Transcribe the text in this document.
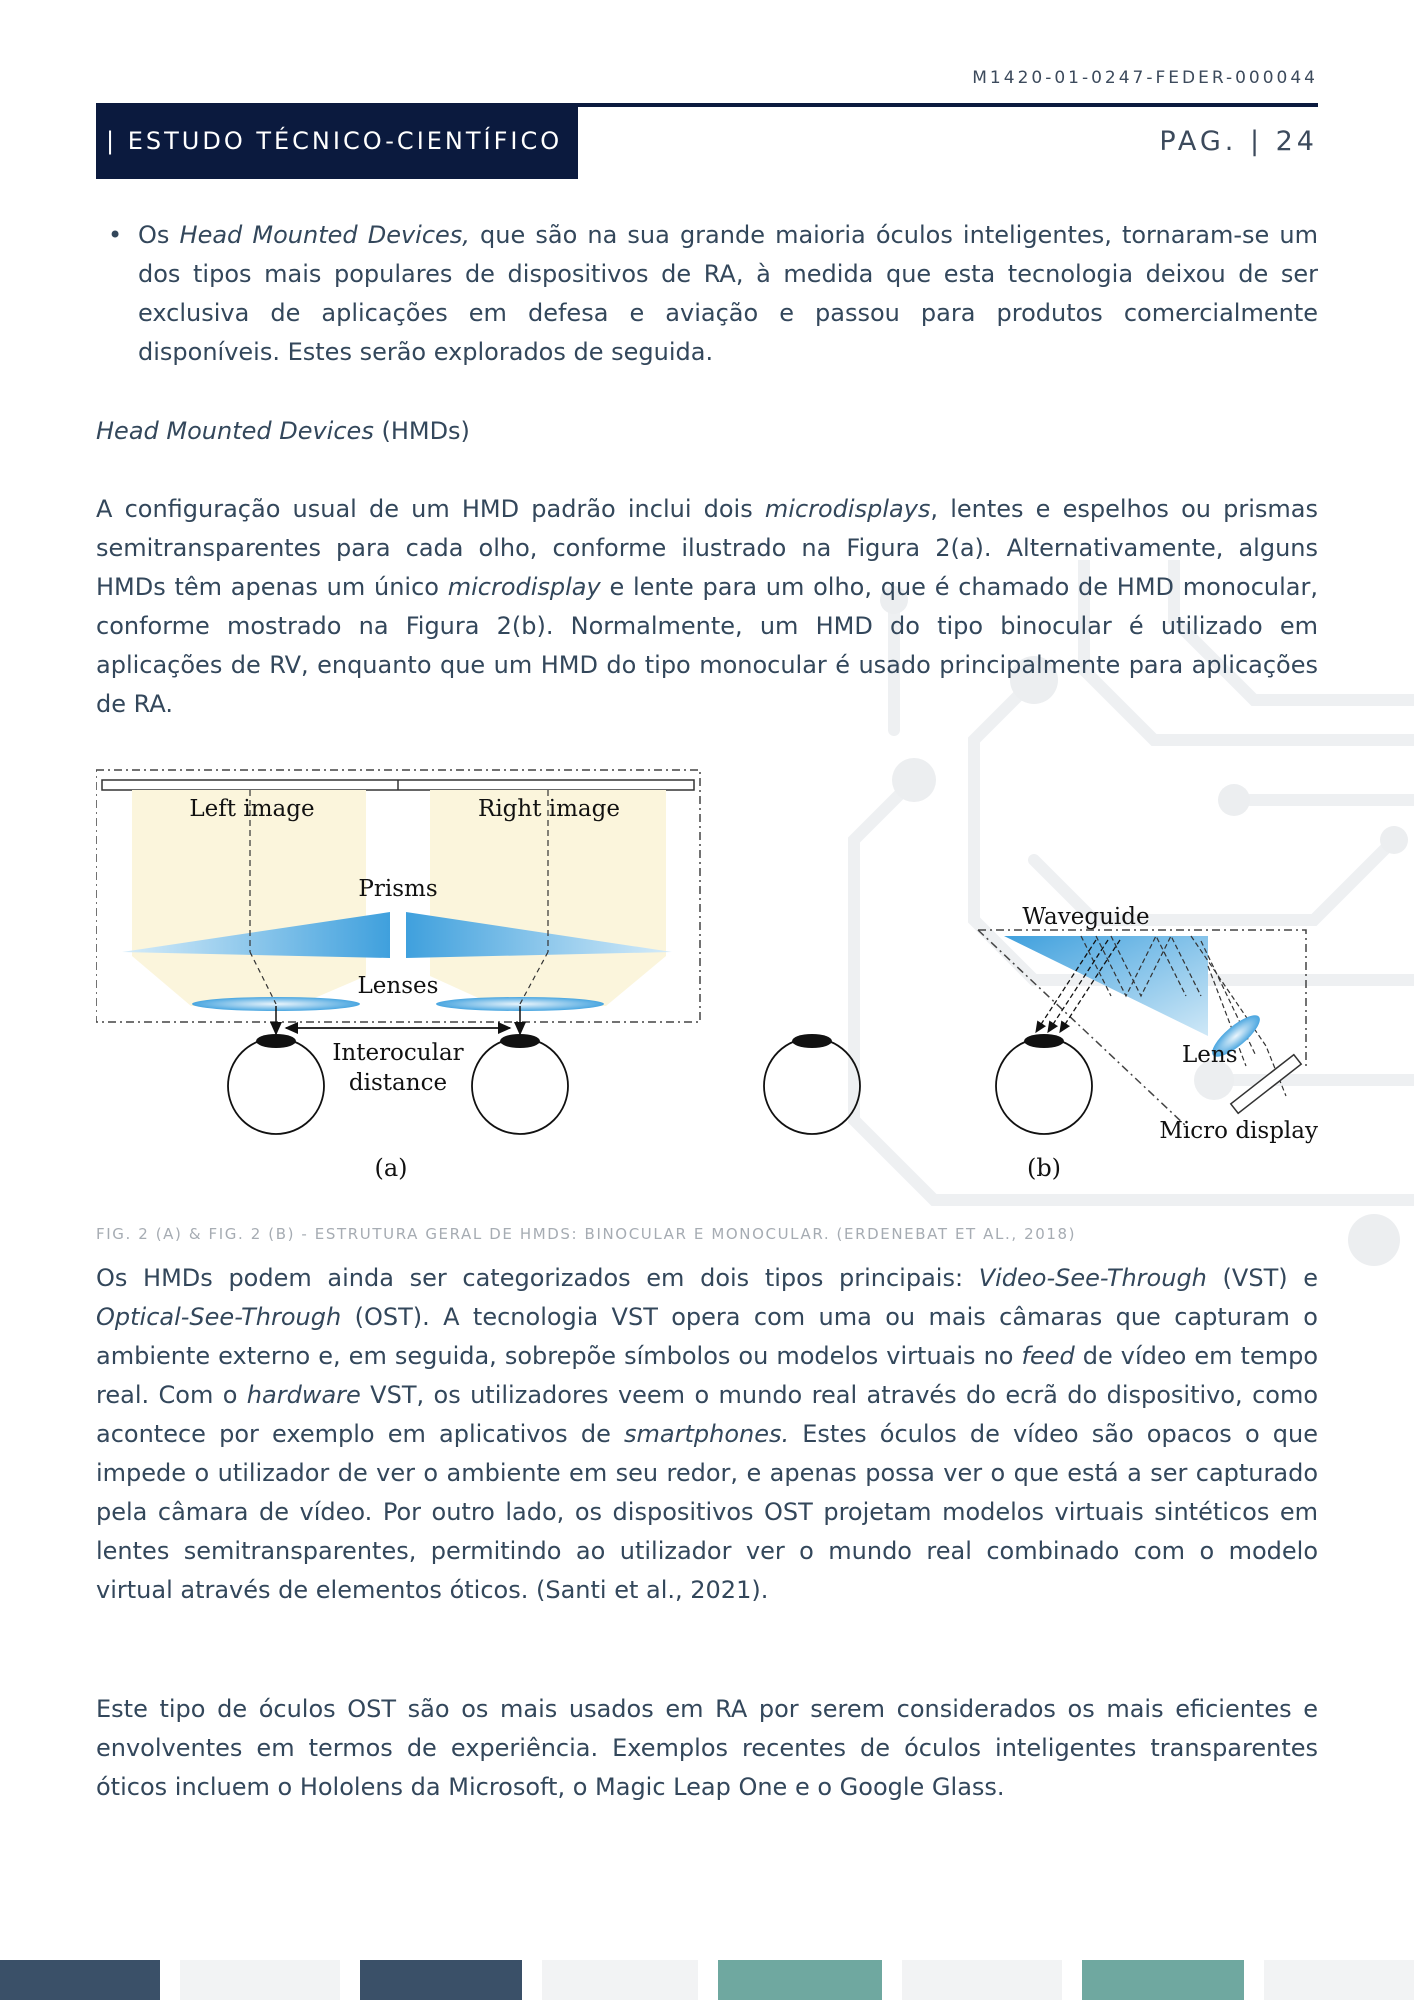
M1420-01-0247-FEDER-000044
| ESTUDO TÉCNICO-CIENTÍFICO	PAG. | 24
• Os Head Mounted Devices, que são na sua grande maioria óculos inteligentes, tornaram-se um dos tipos mais populares de dispositivos de RA, à medida que esta tecnologia deixou de ser exclusiva de aplicações em defesa e aviação e passou para produtos comercialmente disponíveis. Estes serão explorados de seguida.
Head Mounted Devices (HMDs)
A configuração usual de um HMD padrão inclui dois microdisplays, lentes e espelhos ou prismas semitransparentes para cada olho, conforme ilustrado na Figura 2(a). Alternativamente, alguns HMDs têm apenas um único microdisplay e lente para um olho, que é chamado de HMD monocular, conforme mostrado na Figura 2(b). Normalmente, um HMD do tipo binocular é utilizado em aplicações de RV, enquanto que um HMD do tipo monocular é usado principalmente para aplicações de RA.
Left image	Right image
Prisms
Lenses
Interocular
distance
(a)
Waveguide
Lens
Micro display
(b)
FIG. 2 (A) & FIG. 2 (B) - ESTRUTURA GERAL DE HMDS: BINOCULAR E MONOCULAR. (ERDENEBAT ET AL., 2018)
Os HMDs podem ainda ser categorizados em dois tipos principais: Video-See-Through (VST) e Optical-See-Through (OST). A tecnologia VST opera com uma ou mais câmaras que capturam o ambiente externo e, em seguida, sobrepõe símbolos ou modelos virtuais no feed de vídeo em tempo real. Com o hardware VST, os utilizadores veem o mundo real através do ecrã do dispositivo, como acontece por exemplo em aplicativos de smartphones. Estes óculos de vídeo são opacos o que impede o utilizador de ver o ambiente em seu redor, e apenas possa ver o que está a ser capturado pela câmara de vídeo. Por outro lado, os dispositivos OST projetam modelos virtuais sintéticos em lentes semitransparentes, permitindo ao utilizador ver o mundo real combinado com o modelo virtual através de elementos óticos. (Santi et al., 2021).
Este tipo de óculos OST são os mais usados em RA por serem considerados os mais eficientes e envolventes em termos de experiência. Exemplos recentes de óculos inteligentes transparentes óticos incluem o Hololens da Microsoft, o Magic Leap One e o Google Glass.
